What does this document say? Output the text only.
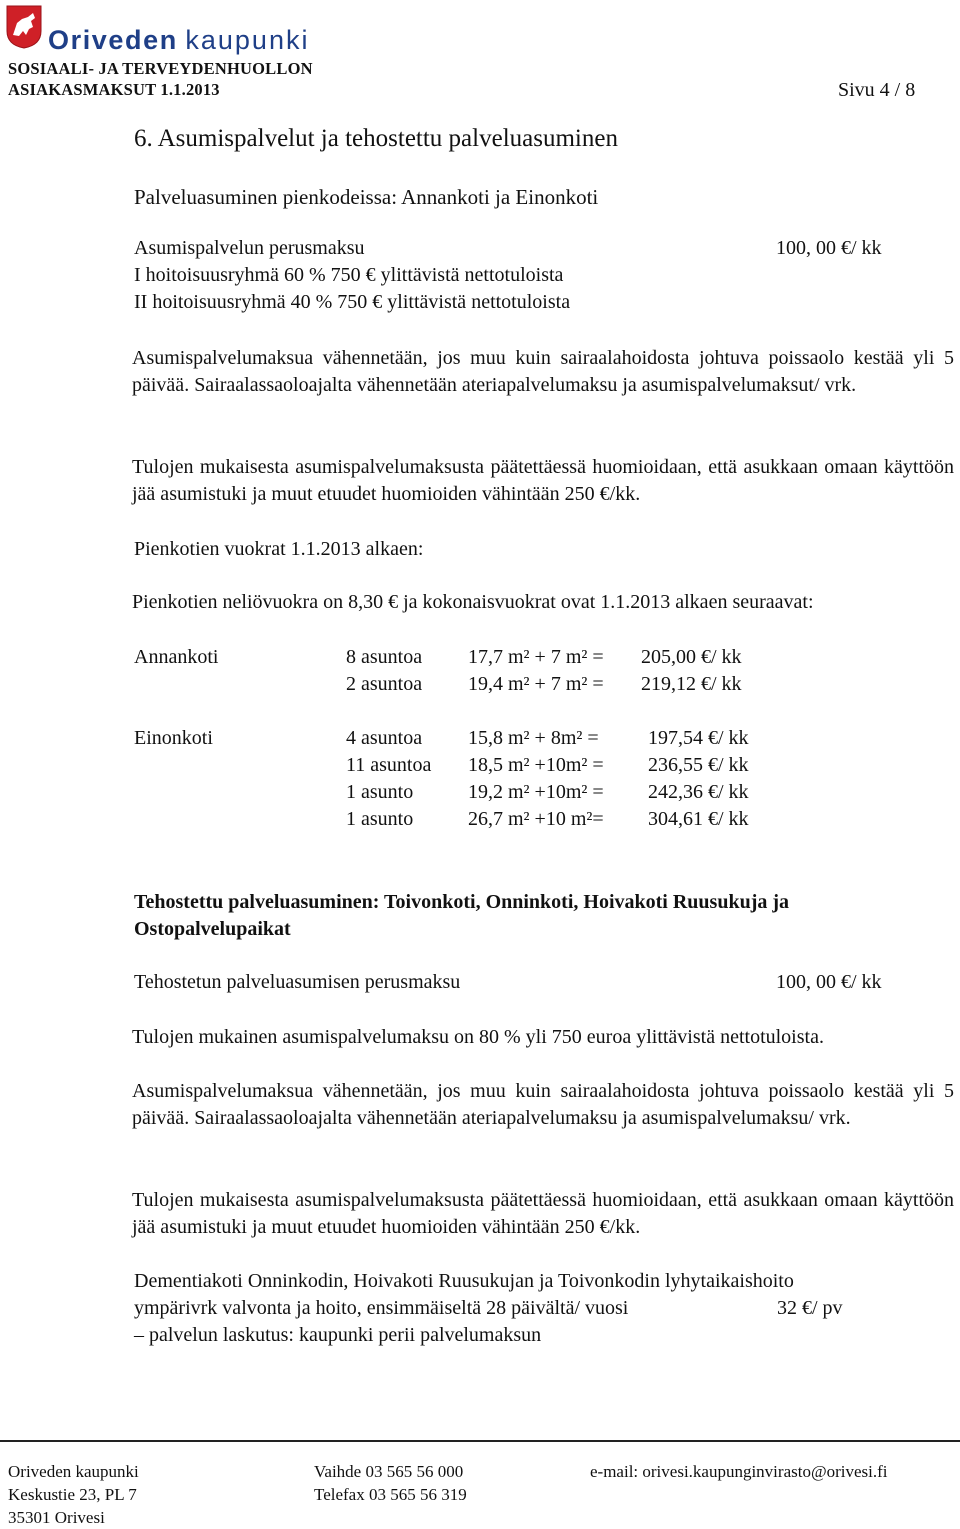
Oriveden kaupunki
SOSIAALI- JA TERVEYDENHUOLLON
ASIAKASMAKSUT 1.1.2013	Sivu 4 / 8
6. Asumispalvelut ja tehostettu palveluasuminen
Palveluasuminen pienkodeissa: Annankoti ja Einonkoti
Asumispalvelun perusmaksu	100, 00 €/ kk
I hoitoisuusryhmä 60 % 750 € ylittävistä nettotuloista
II hoitoisuusryhmä 40 % 750 € ylittävistä nettotuloista
Asumispalvelumaksua vähennetään, jos muu kuin sairaalahoidosta johtuva poissaolo kestää yli 5 päivää. Sairaalassaoloajalta vähennetään ateriapalvelumaksu ja asumispalvelumaksut/ vrk.
Tulojen mukaisesta asumispalvelumaksusta päätettäessä huomioidaan, että asukkaan omaan käyttöön jää asumistuki ja muut etuudet huomioiden vähintään 250 €/kk.
Pienkotien vuokrat 1.1.2013 alkaen:
Pienkotien neliövuokra on 8,30 € ja kokonaisvuokrat ovat 1.1.2013 alkaen seuraavat:
Annankoti	8 asuntoa 17,7 m² + 7 m² = 205,00 €/ kk
2 asuntoa 19,4 m² + 7 m² = 219,12 €/ kk
Einonkoti	4 asuntoa 15,8 m² + 8m² = 197,54 €/ kk
11 asuntoa 18,5 m² +10m² = 236,55 €/ kk
1 asunto	19,2 m² +10m² = 242,36 €/ kk
1 asunto	26,7 m² +10 m²= 304,61 €/ kk
Tehostettu palveluasuminen: Toivonkoti, Onninkoti, Hoivakoti Ruusukuja ja
Ostopalvelupaikat
Tehostetun palveluasumisen perusmaksu	100, 00 €/ kk
Tulojen mukainen asumispalvelumaksu on 80 % yli 750 euroa ylittävistä nettotuloista.
Asumispalvelumaksua vähennetään, jos muu kuin sairaalahoidosta johtuva poissaolo kestää yli 5 päivää. Sairaalassaoloajalta vähennetään ateriapalvelumaksu ja asumispalvelumaksu/ vrk.
Tulojen mukaisesta asumispalvelumaksusta päätettäessä huomioidaan, että asukkaan omaan käyttöön jää asumistuki ja muut etuudet huomioiden vähintään 250 €/kk.
Dementiakoti Onninkodin, Hoivakoti Ruusukujan ja Toivonkodin lyhytaikaishoito
ympärivrk valvonta ja hoito, ensimmäiseltä 28 päivältä/ vuosi	32 €/ pv
– palvelun laskutus: kaupunki perii palvelumaksun
Oriveden kaupunki
Keskustie 23, PL 7
35301 Orivesi
Vaihde 03 565 56 000
Telefax 03 565 56 319
e-mail: orivesi.kaupunginvirasto@orivesi.fi
